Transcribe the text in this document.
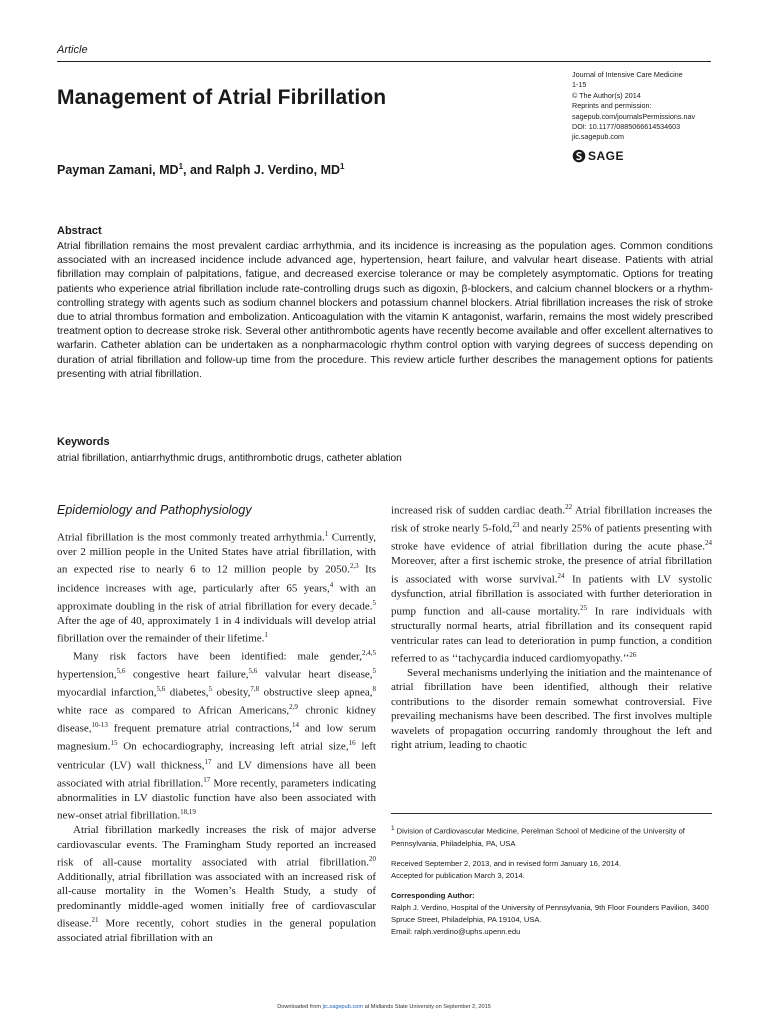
Article
Management of Atrial Fibrillation
Journal of Intensive Care Medicine
1-15
© The Author(s) 2014
Reprints and permission:
sagepub.com/journalsPermissions.nav
DOI: 10.1177/0885066614534603
jic.sagepub.com
SAGE
Payman Zamani, $MD^1$, and Ralph J. Verdino, $MD^1$
Abstract
Atrial fibrillation remains the most prevalent cardiac arrhythmia, and its incidence is increasing as the population ages. Common conditions associated with an increased incidence include advanced age, hypertension, heart failure, and valvular heart disease. Patients with atrial fibrillation may complain of palpitations, fatigue, and decreased exercise tolerance or may be completely asymptomatic. Options for treating patients who experience atrial fibrillation include rate-controlling drugs such as digoxin, β-blockers, and calcium channel blockers or a rhythm-controlling strategy with agents such as sodium channel blockers and potassium channel blockers. Atrial fibrillation increases the risk of stroke due to atrial thrombus formation and embolization. Anticoagulation with the vitamin K antagonist, warfarin, remains the most widely prescribed treatment option to decrease stroke risk. Several other antithrombotic agents have recently become available and offer excellent alternatives to warfarin. Catheter ablation can be undertaken as a nonpharmacologic rhythm control option with varying degrees of success depending on duration of atrial fibrillation and follow-up time from the procedure. This review article further describes the management options for patients presenting with atrial fibrillation.
Keywords
atrial fibrillation, antiarrhythmic drugs, antithrombotic drugs, catheter ablation
Epidemiology and Pathophysiology

Atrial fibrillation is the most commonly treated arrhythmia.$^1$ Currently, over 2 million people in the United States have atrial fibrillation, with an expected rise to nearly 6 to 12 million people by 2050.$^{2,3}$ Its incidence increases with age, particularly after 65 years,$^4$ with an approximate doubling in the risk of atrial fibrillation for every decade.$^5$ After the age of 40, approximately 1 in 4 individuals will develop atrial fibrillation over the remainder of their lifetime.$^1$

Many risk factors have been identified: male gender,$^{2,4,5}$ hypertension,$^{5,6}$ congestive heart failure,$^{5,6}$ valvular heart disease,$^5$ myocardial infarction,$^{5,6}$ diabetes,$^5$ obesity,$^{7,8}$ obstructive sleep apnea,$^8$ white race as compared to African Americans,$^{2,9}$ chronic kidney disease,$^{10-13}$ frequent premature atrial contractions,$^{14}$ and low serum magnesium.$^{15}$ On echocardiography, increasing left atrial size,$^{16}$ left ventricular (LV) wall thickness,$^{17}$ and LV dimensions have all been associated with atrial fibrillation.$^{17}$ More recently, parameters indicating abnormalities in LV diastolic function have also been associated with new-onset atrial fibrillation.$^{18,19}$

Atrial fibrillation markedly increases the risk of major adverse cardiovascular events. The Framingham Study reported an increased risk of all-cause mortality associated with atrial fibrillation.$^{20}$ Additionally, atrial fibrillation was associated with an increased risk of all-cause mortality in the Women’s Health Study, a study of predominantly middle-aged women initially free of cardiovascular disease.$^{21}$ More recently, cohort studies in the general population associated atrial fibrillation with an

increased risk of sudden cardiac death.$^{22}$ Atrial fibrillation increases the risk of stroke nearly 5-fold,$^{23}$ and nearly 25% of patients presenting with stroke have evidence of atrial fibrillation during the acute phase.$^{24}$ Moreover, after a first ischemic stroke, the presence of atrial fibrillation is associated with worse survival.$^{24}$ In patients with LV systolic dysfunction, atrial fibrillation is associated with further deterioration in pump function and all-cause mortality.$^{25}$ In rare individuals with structurally normal hearts, atrial fibrillation and its consequent rapid ventricular rates can lead to deterioration in pump function, a condition referred to as ‘‘tachycardia induced cardiomyopathy.’’$^{26}$

Several mechanisms underlying the initiation and the maintenance of atrial fibrillation have been identified, although their relative contributions to the disorder remain somewhat controversial. Five prevailing mechanisms have been described. The first involves multiple wavelets of propagation occurring randomly throughout the left and right atrium, leading to chaotic

$^1$ Division of Cardiovascular Medicine, Perelman School of Medicine of the University of Pennsylvania, Philadelphia, PA, USA

Received September 2, 2013, and in revised form January 16, 2014.

Accepted for publication March 3, 2014.

Corresponding Author:

Ralph J. Verdino, Hospital of the University of Pennsylvania, 9th Floor Founders Pavilion, 3400 Spruce Street, Philadelphia, PA 19104, USA.

Email: ralph.verdino@uphs.upenn.edu

Downloaded from jic.sagepub.com at Midlands State University on September 2, 2015
